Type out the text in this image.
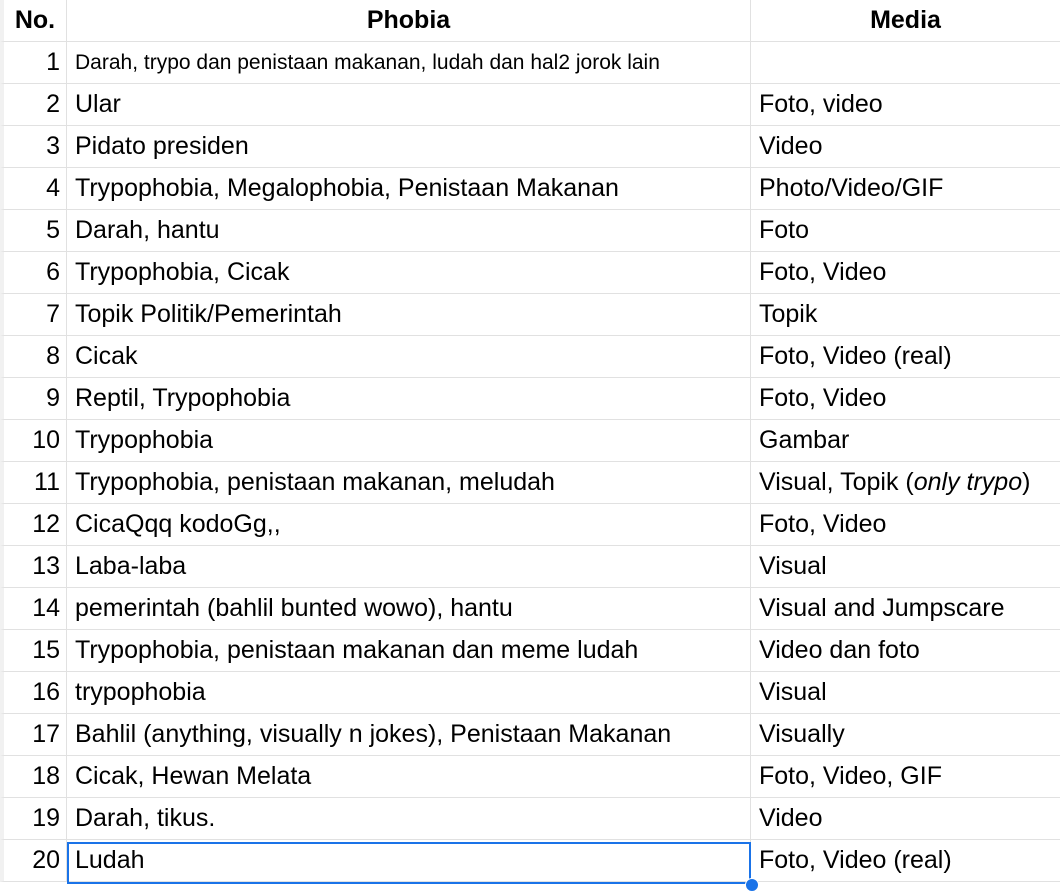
No.	Phobia	Media
1 Darah, trypo dan penistaan makanan, ludah dan hal2 jorok lain
2 Ular	Foto, video
3 Pidato presiden	Video
4 Trypophobia, Megalophobia, Penistaan Makanan	Photo/Video/GIF
5 Darah, hantu	Foto
6 Trypophobia, Cicak	Foto, Video
7 Topik Politik/Pemerintah	Topik
8 Cicak	Foto, Video (real)
9 Reptil, Trypophobia	Foto, Video
10 Trypophobia	Gambar
11 Trypophobia, penistaan makanan, meludah	Visual, Topik (only trypo)
12 CicaQqq kodoGg,,	Foto, Video
13 Laba-laba	Visual
14 pemerintah (bahlil bunted wowo), hantu	Visual and Jumpscare
15 Trypophobia, penistaan makanan dan meme ludah	Video dan foto
16 trypophobia	Visual
17 Bahlil (anything, visually n jokes), Penistaan Makanan	Visually
18 Cicak, Hewan Melata	Foto, Video, GIF
19 Darah, tikus.	Video
20 Ludah	Foto, Video (real)
